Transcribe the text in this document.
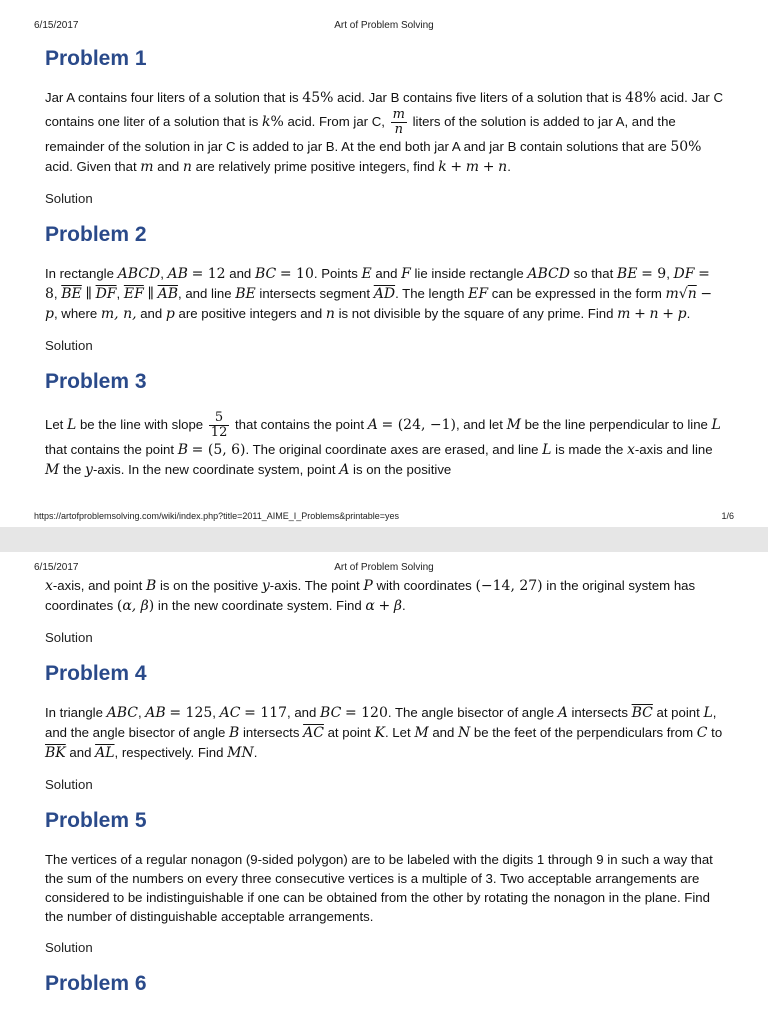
6/15/2017	Art of Problem Solving
Problem 1

Jar A contains four liters of a solution that is 45% acid. Jar B contains five liters of a solution that is 48% acid. Jar C contains one liter of a solution that is k% acid. From jar C, $\frac{m}{n}$ liters of the solution is added to jar A, and the remainder of the solution in jar C is added to jar B. At the end both jar A and jar B contain solutions that are 50% acid. Given that m and n are relatively prime positive integers, find k + m + n.

Solution

Problem 2

In rectangle ABCD, AB = 12 and BC = 10. Points E and F lie inside rectangle ABCD so that BE = 9, DF = 8, $\overline{BE}$ ∥ $\overline{DF}$, $\overline{EF}$ ∥ $\overline{AB}$, and line BE intersects segment $\overline{AD}$. The length EF can be expressed in the form m√n − p, where m, n, and p are positive integers and n is not divisible by the square of any prime. Find m + n + p.

Solution

Problem 3

Let L be the line with slope $\frac{5}{12}$ that contains the point A = (24, −1), and let M be the line perpendicular to line L that contains the point B = (5, 6). The original coordinate axes are erased, and line L is made the x-axis and line M the y-axis. In the new coordinate system, point A is on the positive

https://artofproblemsolving.com/wiki/index.php?title=2011_AIME_I_Problems&printable=yes	1/6
6/15/2017	Art of Problem Solving

x-axis, and point B is on the positive y-axis. The point P with coordinates (−14, 27) in the original system has coordinates (α, β) in the new coordinate system. Find α + β.

Solution

Problem 4

In triangle ABC, AB = 125, AC = 117, and BC = 120. The angle bisector of angle A intersects $\overline{BC}$ at point L, and the angle bisector of angle B intersects $\overline{AC}$ at point K. Let M and N be the feet of the perpendiculars from C to $\overline{BK}$ and $\overline{AL}$, respectively. Find MN.

Solution

Problem 5

The vertices of a regular nonagon (9-sided polygon) are to be labeled with the digits 1 through 9 in such a way that the sum of the numbers on every three consecutive vertices is a multiple of 3. Two acceptable arrangements are considered to be indistinguishable if one can be obtained from the other by rotating the nonagon in the plane. Find the number of distinguishable acceptable arrangements.

Solution

Problem 6
